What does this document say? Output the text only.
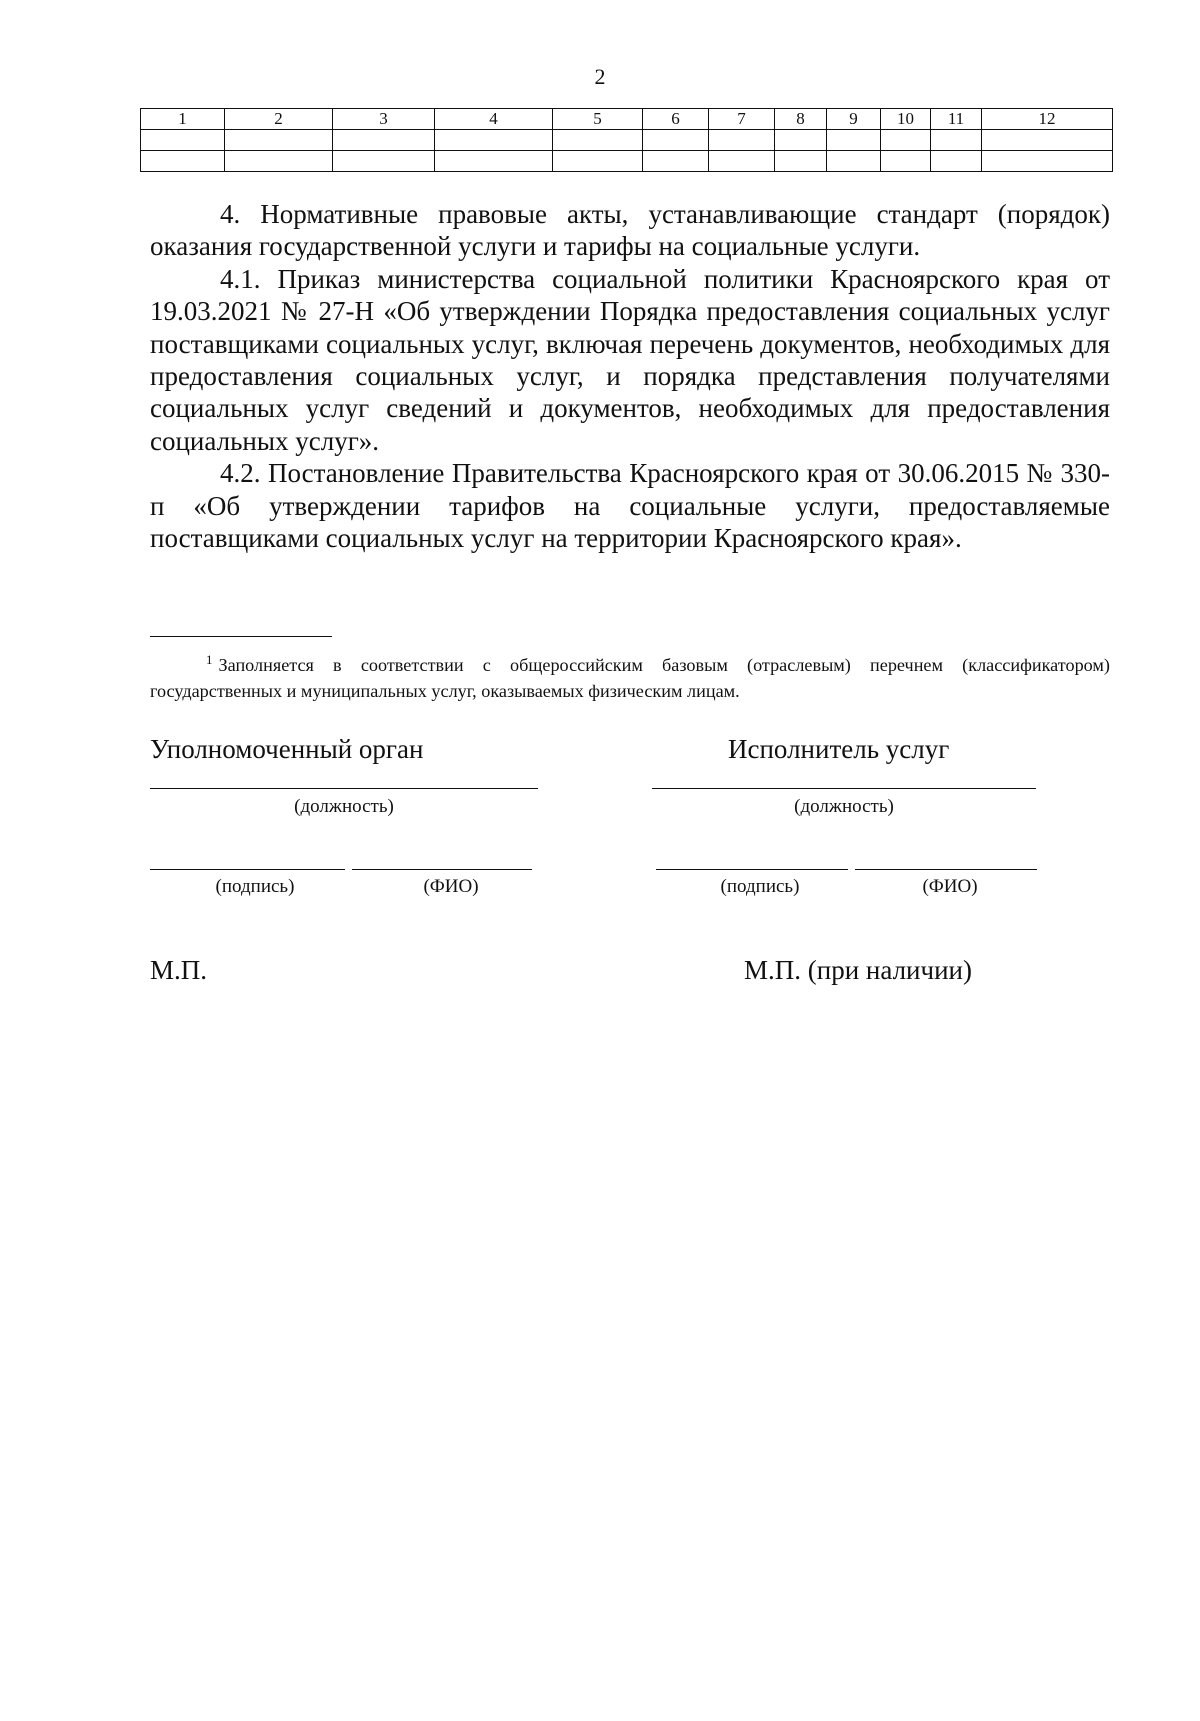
2
1	2	3	4	5	6	7	8	9	10	11	12

4. Нормативные правовые акты, устанавливающие стандарт (порядок) оказания государственной услуги и тарифы на социальные услуги.

4.1. Приказ министерства социальной политики Красноярского края от 19.03.2021 № 27-Н «Об утверждении Порядка предоставления социальных услуг поставщиками социальных услуг, включая перечень документов, необходимых для предоставления социальных услуг, и порядка представления получателями социальных услуг сведений и документов, необходимых для предоставления социальных услуг».

4.2. Постановление Правительства Красноярского края от 30.06.2015 № 330-п «Об утверждении тарифов на социальные услуги, предоставляемые поставщиками социальных услуг на территории Красноярского края».

$^1$ Заполняется в соответствии с общероссийским базовым (отраслевым) перечнем (классификатором) государственных и муниципальных услуг, оказываемых физическим лицам.
Уполномоченный орган
(должность)
(подпись)	(ФИО)
М.П.
Исполнитель услуг
(должность)
(подпись)	(ФИО)
М.П. (при наличии)
